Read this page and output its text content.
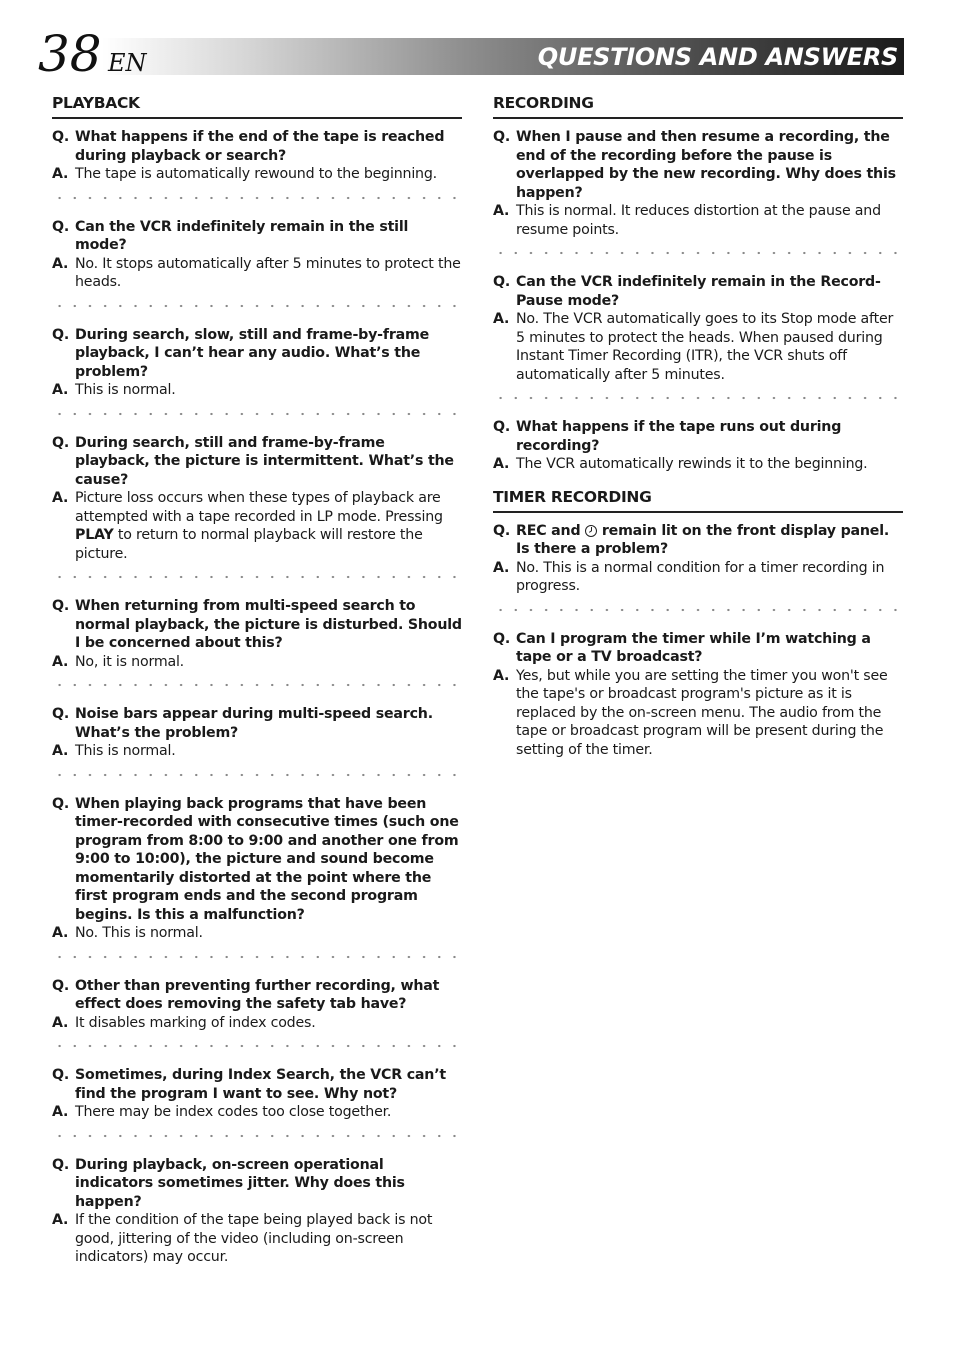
QUESTIONS AND ANSWERS
38 EN
PLAYBACK
Q. What happens if the end of the tape is reached during playback or search?
A. The tape is automatically rewound to the beginning.
Q. Can the VCR indefinitely remain in the still mode?
A. No. It stops automatically after 5 minutes to protect the heads.
Q. During search, slow, still and frame-by-frame playback, I can’t hear any audio. What’s the problem?
A. This is normal.
Q. During search, still and frame-by-frame playback, the picture is intermittent. What’s the cause?
A. Picture loss occurs when these types of playback are attempted with a tape recorded in LP mode. Pressing PLAY to return to normal playback will restore the picture.
Q. When returning from multi-speed search to normal playback, the picture is disturbed. Should I be concerned about this?
A. No, it is normal.
Q. Noise bars appear during multi-speed search. What’s the problem?
A. This is normal.
Q. When playing back programs that have been timer-recorded with consecutive times (such one program from 8:00 to 9:00 and another one from 9:00 to 10:00), the picture and sound become momentarily distorted at the point where the first program ends and the second program begins. Is this a malfunction?
A. No. This is normal.
Q. Other than preventing further recording, what effect does removing the safety tab have?
A. It disables marking of index codes.
Q. Sometimes, during Index Search, the VCR can’t find the program I want to see. Why not?
A. There may be index codes too close together.
Q. During playback, on-screen operational indicators sometimes jitter. Why does this happen?
A. If the condition of the tape being played back is not good, jittering of the video (including on-screen indicators) may occur.
RECORDING
Q. When I pause and then resume a recording, the end of the recording before the pause is overlapped by the new recording. Why does this happen?
A. This is normal. It reduces distortion at the pause and resume points.
Q. Can the VCR indefinitely remain in the Record-Pause mode?
A. No. The VCR automatically goes to its Stop mode after 5 minutes to protect the heads. When paused during Instant Timer Recording (ITR), the VCR shuts off automatically after 5 minutes.
Q. What happens if the tape runs out during recording?
A. The VCR automatically rewinds it to the beginning.
TIMER RECORDING
Q. REC and  remain lit on the front display panel. Is there a problem?
A. No. This is a normal condition for a timer recording in progress.
Q. Can I program the timer while I’m watching a tape or a TV broadcast?
A. Yes, but while you are setting the timer you won't see the tape's or broadcast program's picture as it is replaced by the on-screen menu. The audio from the tape or broadcast program will be present during the setting of the timer.
